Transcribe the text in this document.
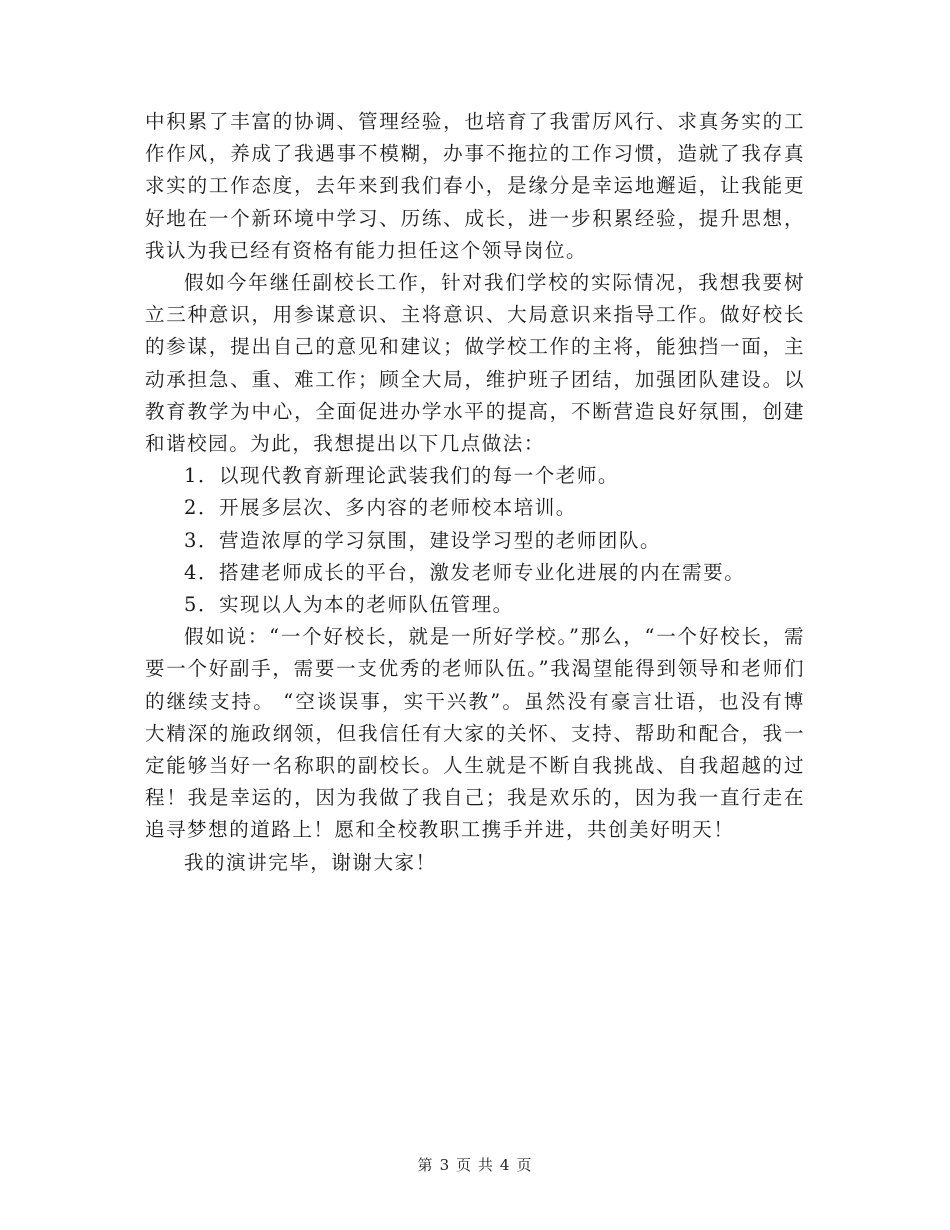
中积累了丰富的协调、管理经验，也培育了我雷厉风行、求真务实的工作作风，养成了我遇事不模糊，办事不拖拉的工作习惯，造就了我存真求实的工作态度，去年来到我们春小，是缘分是幸运地邂逅，让我能更好地在一个新环境中学习、历练、成长，进一步积累经验，提升思想，我认为我已经有资格有能力担任这个领导岗位。

假如今年继任副校长工作，针对我们学校的实际情况，我想我要树立三种意识，用参谋意识、主将意识、大局意识来指导工作。做好校长的参谋，提出自己的意见和建议；做学校工作的主将，能独挡一面，主动承担急、重、难工作；顾全大局，维护班子团结，加强团队建设。以教育教学为中心，全面促进办学水平的提高，不断营造良好氛围，创建和谐校园。为此，我想提出以下几点做法：

1．以现代教育新理论武装我们的每一个老师。

2．开展多层次、多内容的老师校本培训。

3．营造浓厚的学习氛围，建设学习型的老师团队。

4．搭建老师成长的平台，激发老师专业化进展的内在需要。

5．实现以人为本的老师队伍管理。

假如说：“一个好校长，就是一所好学校。”那么，“一个好校长，需要一个好副手，需要一支优秀的老师队伍。”我渴望能得到领导和老师们的继续支持。 “空谈误事，实干兴教”。虽然没有豪言壮语，也没有博大精深的施政纲领，但我信任有大家的关怀、支持、帮助和配合，我一定能够当好一名称职的副校长。人生就是不断自我挑战、自我超越的过程！我是幸运的，因为我做了我自己；我是欢乐的，因为我一直行走在追寻梦想的道路上！愿和全校教职工携手并进，共创美好明天！

我的演讲完毕，谢谢大家！

第 3 页 共 4 页
